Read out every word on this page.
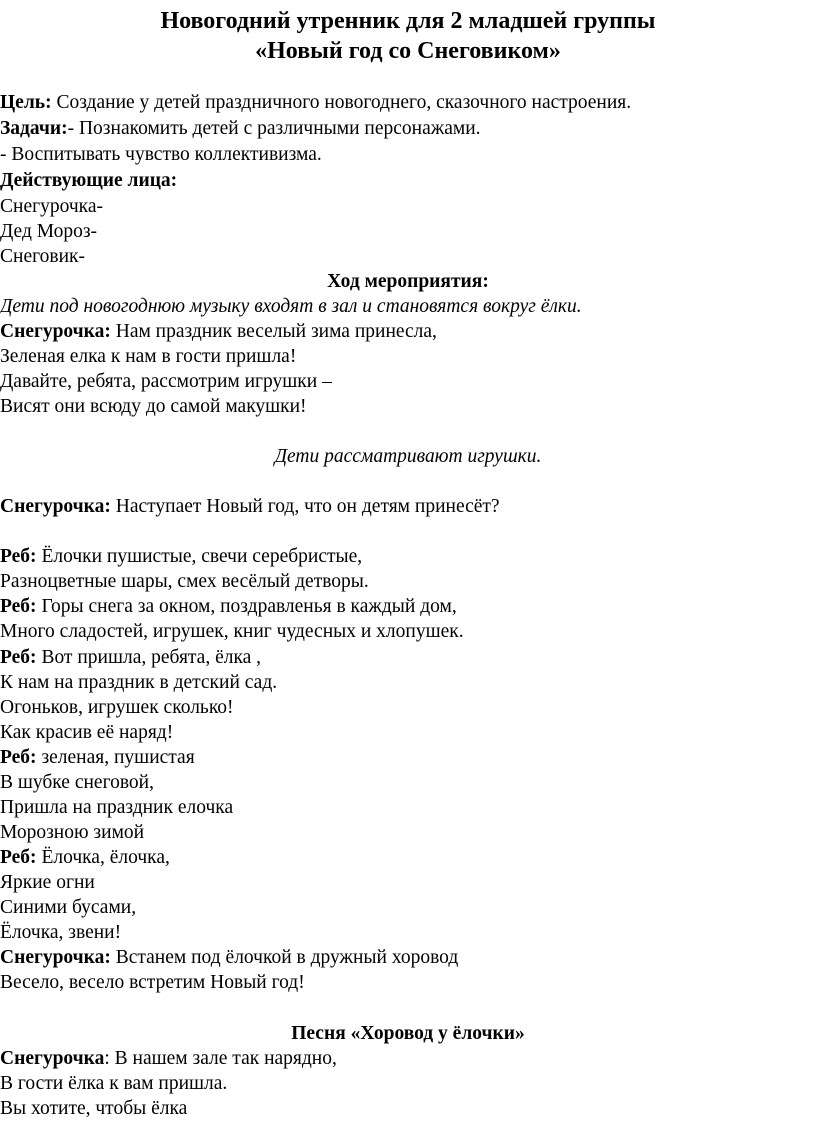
Новогодний утренник для 2 младшей группы
«Новый год со Снеговиком»

Цель: Создание у детей праздничного новогоднего, сказочного настроения.

Задачи:- Познакомить детей с различными персонажами.

- Воспитывать чувство коллективизма.

Действующие лица:

Снегурочка-

Дед Мороз-

Снеговик-

Ход мероприятия:

Дети под новогоднюю музыку входят в зал и становятся вокруг ёлки.

Снегурочка: Нам праздник веселый зима принесла,

Зеленая елка к нам в гости пришла!

Давайте, ребята, рассмотрим игрушки –

Висят они всюду до самой макушки!

Дети рассматривают игрушки.

Снегурочка: Наступает Новый год, что он детям принесёт?

Реб: Ёлочки пушистые, свечи серебристые,

Разноцветные шары, смех весёлый детворы.

Реб: Горы снега за окном, поздравленья в каждый дом,

Много сладостей, игрушек, книг чудесных и хлопушек.

Реб: Вот пришла, ребята, ёлка ,

К нам на праздник в детский сад.

Огоньков, игрушек сколько!

Как красив её наряд!

Реб: зеленая, пушистая

В шубке снеговой,

Пришла на праздник елочка

Морозною зимой

Реб: Ёлочка, ёлочка,

Яркие огни

Синими бусами,

Ёлочка, звени!

Снегурочка: Встанем под ёлочкой в дружный хоровод

Весело, весело встретим Новый год!

Песня «Хоровод у ёлочки»

Снегурочка: В нашем зале так нарядно,

В гости ёлка к вам пришла.

Вы хотите, чтобы ёлка
